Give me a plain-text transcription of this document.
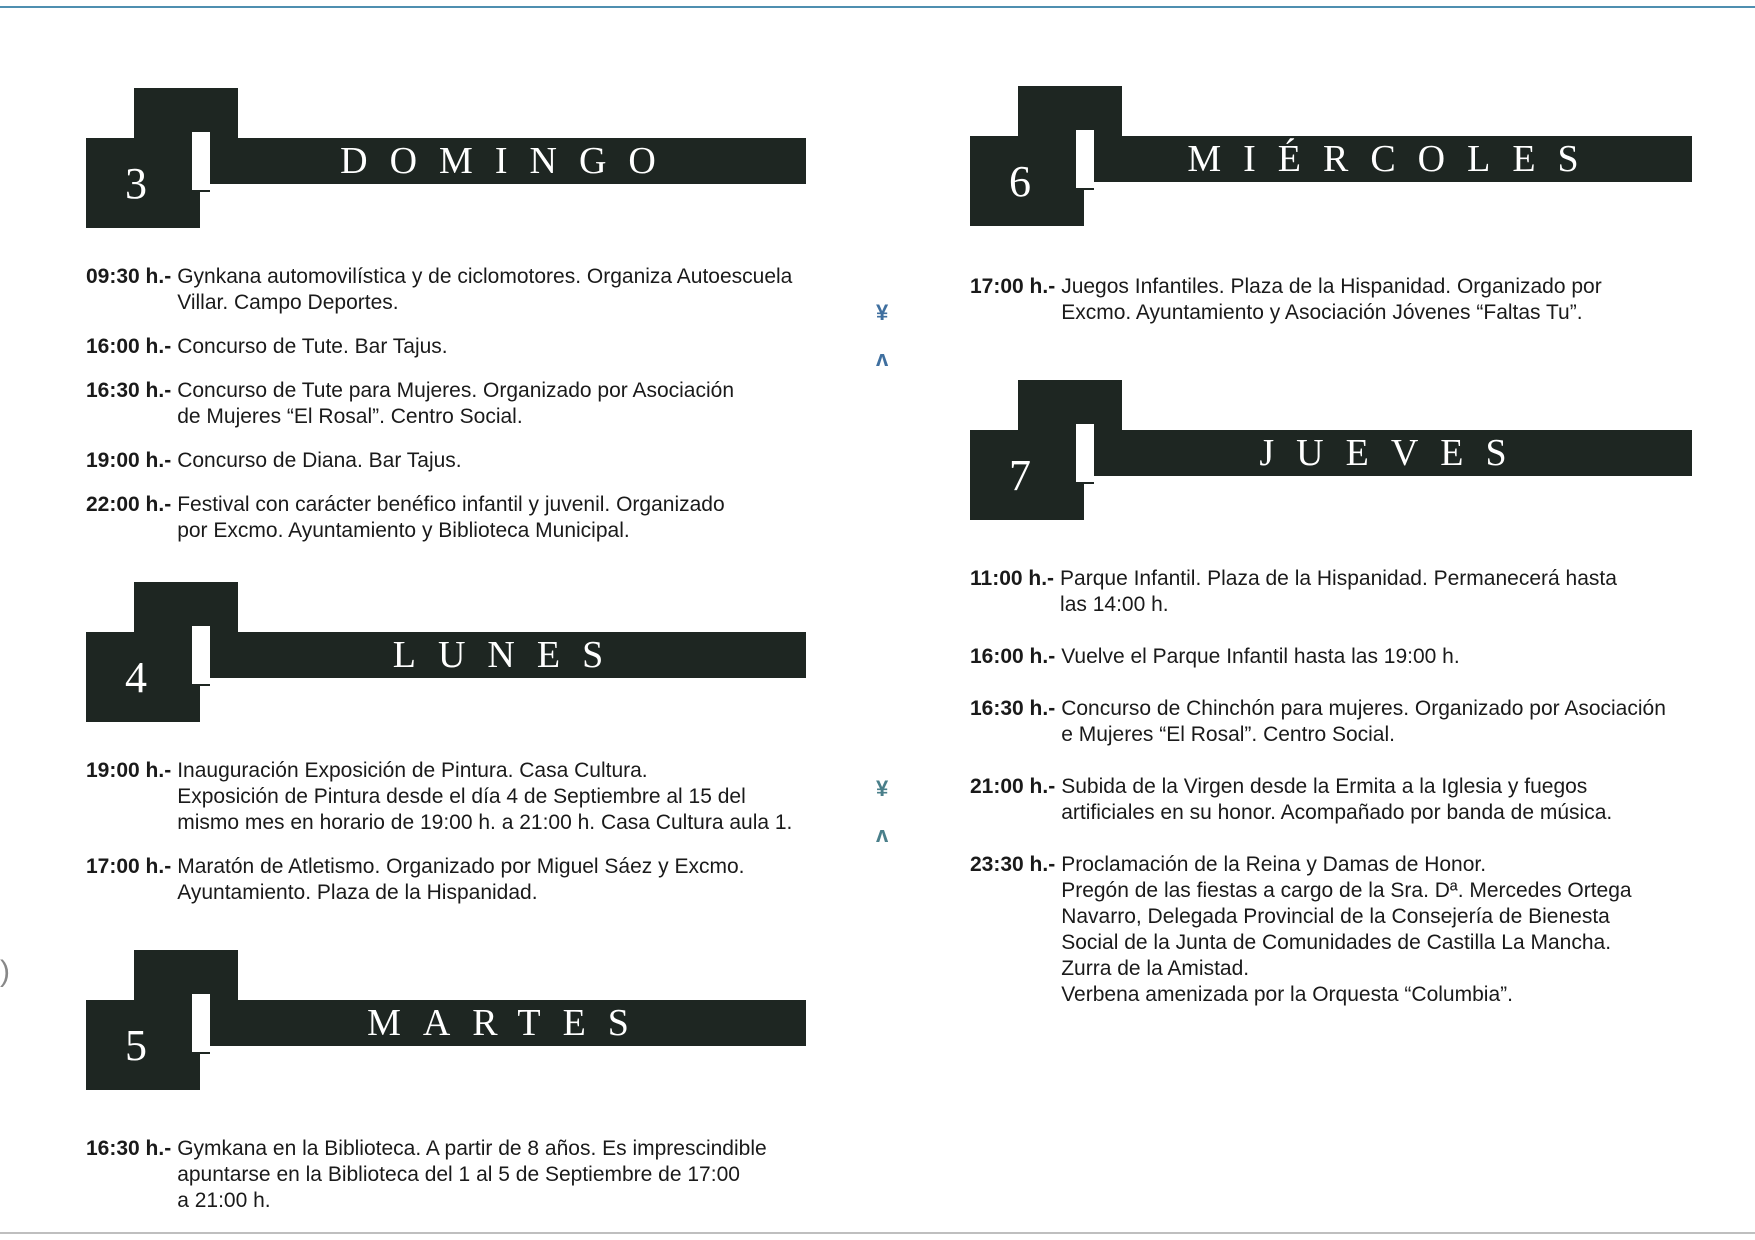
¥
ʌ
¥
ʌ
)
3	DOMINGO
09:30 h.- Gynkana automovilística y de ciclomotores. Organiza Autoescuela
Villar. Campo Deportes.
16:00 h.- Concurso de Tute. Bar Tajus.
16:30 h.- Concurso de Tute para Mujeres. Organizado por Asociación
de Mujeres “El Rosal”. Centro Social.
19:00 h.- Concurso de Diana. Bar Tajus.
22:00 h.- Festival con carácter benéfico infantil y juvenil. Organizado
por Excmo. Ayuntamiento y Biblioteca Municipal.
4	LUNES
19:00 h.- Inauguración Exposición de Pintura. Casa Cultura.
Exposición de Pintura desde el día 4 de Septiembre al 15 del
mismo mes en horario de 19:00 h. a 21:00 h. Casa Cultura aula 1.
17:00 h.- Maratón de Atletismo. Organizado por Miguel Sáez y Excmo.
Ayuntamiento. Plaza de la Hispanidad.
5	MARTES
16:30 h.- Gymkana en la Biblioteca. A partir de 8 años. Es imprescindible
apuntarse en la Biblioteca del 1 al 5 de Septiembre de 17:00
a 21:00 h.
6	MIÉRCOLES
17:00 h.- Juegos Infantiles. Plaza de la Hispanidad. Organizado por
Excmo. Ayuntamiento y Asociación Jóvenes “Faltas Tu”.
7	JUEVES
11:00 h.- Parque Infantil. Plaza de la Hispanidad. Permanecerá hasta
las 14:00 h.
16:00 h.- Vuelve el Parque Infantil hasta las 19:00 h.
16:30 h.- Concurso de Chinchón para mujeres. Organizado por Asociación
e Mujeres “El Rosal”. Centro Social.
21:00 h.- Subida de la Virgen desde la Ermita a la Iglesia y fuegos
artificiales en su honor. Acompañado por banda de música.
23:30 h.- Proclamación de la Reina y Damas de Honor.
Pregón de las fiestas a cargo de la Sra. Dª. Mercedes Ortega
Navarro, Delegada Provincial de la Consejería de Bienesta
Social de la Junta de Comunidades de Castilla La Mancha.
Zurra de la Amistad.
Verbena amenizada por la Orquesta “Columbia”.
